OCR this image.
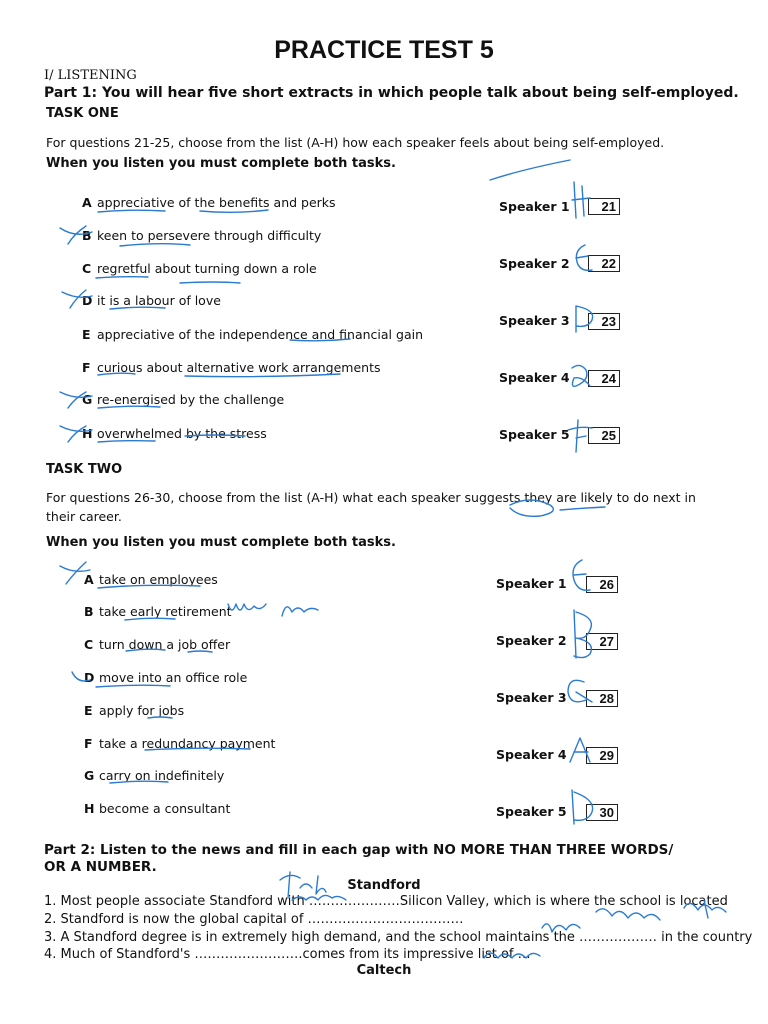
PRACTICE TEST 5
I/ LISTENING
Part 1: You will hear five short extracts in which people talk about being self-employed.
TASK ONE
For questions 21-25, choose from the list (A-H) how each speaker feels about being self-employed.
When you listen you must complete both tasks.
A appreciative of the benefits and perks
B keen to persevere through difficulty
C regretful about turning down a role
D it is a labour of love
E appreciative of the independence and financial gain
F curious about alternative work arrangements
G re-energised by the challenge
H overwhelmed by the stress
Speaker 1	21
Speaker 2	22
Speaker 3	23
Speaker 4	24
Speaker 5	25
TASK TWO
For questions 26-30, choose from the list (A-H) what each speaker suggests they are likely to do next in
their career.
When you listen you must complete both tasks.
A take on employees
B take early retirement
C turn down a job offer
D move into an office role
E apply for jobs
F take a redundancy payment
G carry on indefinitely
H become a consultant
Speaker 1	26
Speaker 2	27
Speaker 3	28
Speaker 4	29
Speaker 5	30
Part 2: Listen to the news and fill in each gap with NO MORE THAN THREE WORDS/ OR A NUMBER.
Standford
1. Most people associate Standford with …………………Silicon Valley, which is where the school is located
2. Standford is now the global capital of ………………………………
3. A Standford degree is in extremely high demand, and the school maintains the ……………… in the country
4. Much of Standford's …………………….comes from its impressive list of …
Caltech
